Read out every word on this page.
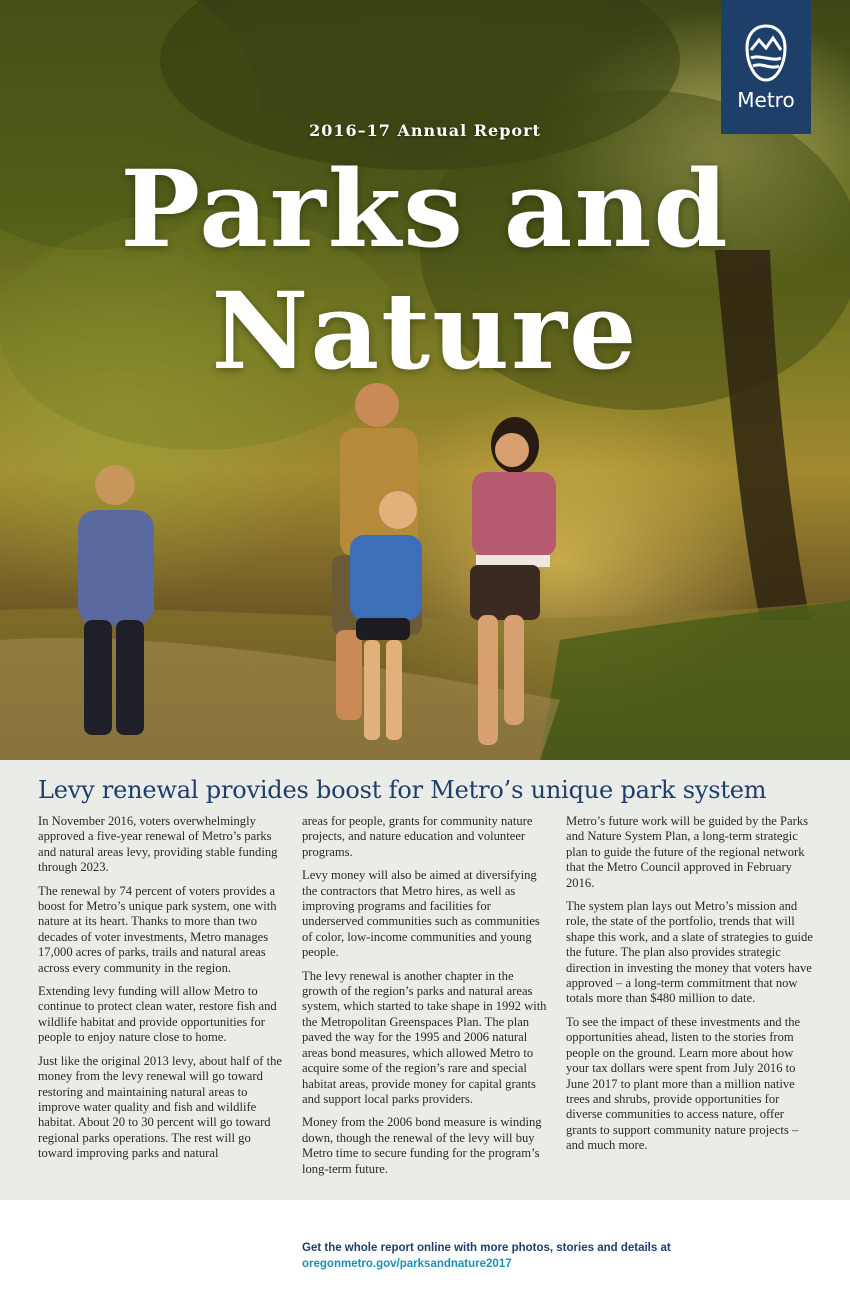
Metro
2016–17 Annual Report
Parks and
Nature
Levy renewal provides boost for Metro’s unique park system

In November 2016, voters overwhelmingly approved a five-year renewal of Metro’s parks and natural areas levy, providing stable funding through 2023.

The renewal by 74 percent of voters provides a boost for Metro’s unique park system, one with nature at its heart. Thanks to more than two decades of voter investments, Metro manages 17,000 acres of parks, trails and natural areas across every community in the region.

Extending levy funding will allow Metro to continue to protect clean water, restore fish and wildlife habitat and provide opportunities for people to enjoy nature close to home.

Just like the original 2013 levy, about half of the money from the levy renewal will go toward restoring and maintaining natural areas to improve water quality and fish and wildlife habitat. About 20 to 30 percent will go toward regional parks operations. The rest will go toward improving parks and natural

areas for people, grants for community nature projects, and nature education and volunteer programs.

Levy money will also be aimed at diversifying the contractors that Metro hires, as well as improving programs and facilities for underserved communities such as communities of color, low-income communities and young people.

The levy renewal is another chapter in the growth of the region’s parks and natural areas system, which started to take shape in 1992 with the Metropolitan Greenspaces Plan. The plan paved the way for the 1995 and 2006 natural areas bond measures, which allowed Metro to acquire some of the region’s rare and special habitat areas, provide money for capital grants and support local parks providers.

Money from the 2006 bond measure is winding down, though the renewal of the levy will buy Metro time to secure funding for the program’s long-term future.

Metro’s future work will be guided by the Parks and Nature System Plan, a long-term strategic plan to guide the future of the regional network that the Metro Council approved in February 2016.

The system plan lays out Metro’s mission and role, the state of the portfolio, trends that will shape this work, and a slate of strategies to guide the future. The plan also provides strategic direction in investing the money that voters have approved – a long-term commitment that now totals more than $480 million to date.

To see the impact of these investments and the opportunities ahead, listen to the stories from people on the ground. Learn more about how your tax dollars were spent from July 2016 to June 2017 to plant more than a million native trees and shrubs, provide opportunities for diverse communities to access nature, offer grants to support community nature projects – and much more.

Get the whole report online with more photos, stories and details at
oregonmetro.gov/parksandnature2017
